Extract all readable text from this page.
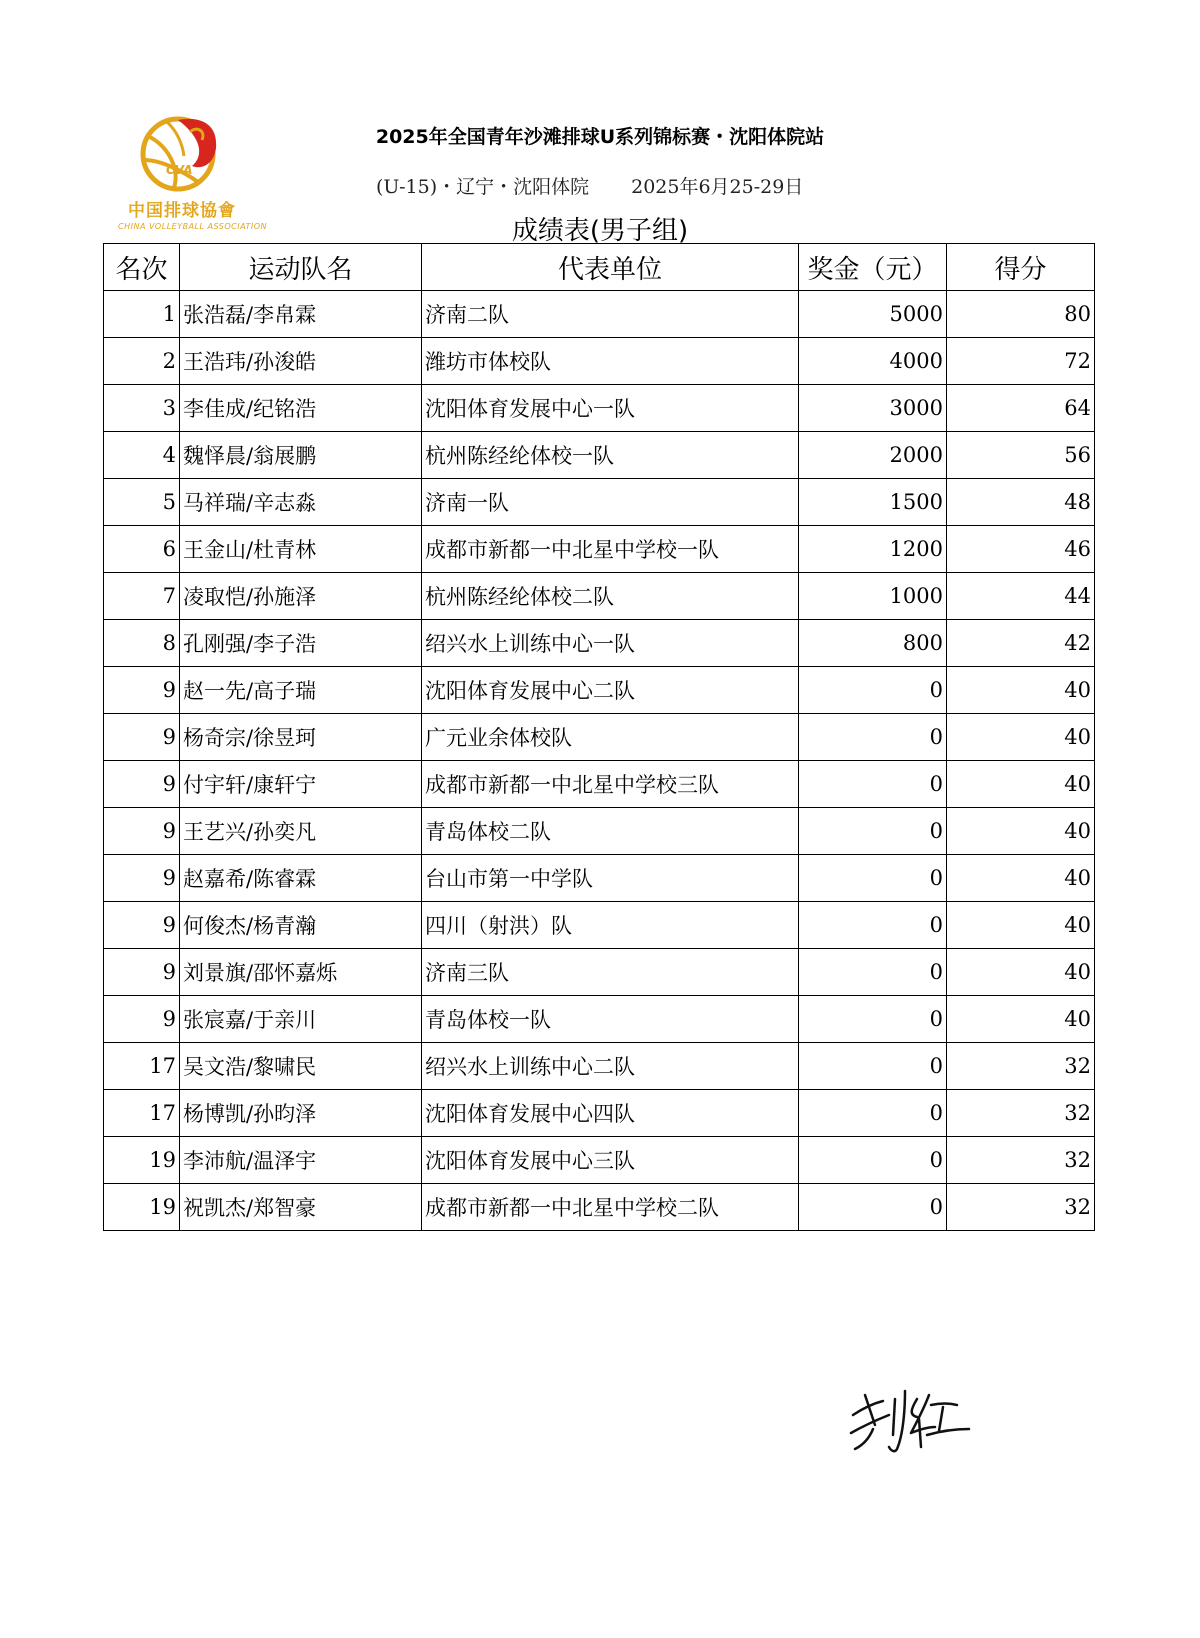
CVA
中国排球協會
CHINA VOLLEYBALL ASSOCIATION
2025年全国青年沙滩排球U系列锦标赛・沈阳体院站
(U-15)・辽宁・沈阳体院 2025年6月25-29日
成绩表(男子组)
名次	运动队名	代表单位	奖金（元）	得分
1	张浩磊/李帛霖	济南二队	5000	80
2	王浩玮/孙浚皓	潍坊市体校队	4000	72
3	李佳成/纪铭浩	沈阳体育发展中心一队	3000	64
4	魏怿晨/翁展鹏	杭州陈经纶体校一队	2000	56
5	马祥瑞/辛志淼	济南一队	1500	48
6	王金山/杜青林	成都市新都一中北星中学校一队	1200	46
7	凌取恺/孙施泽	杭州陈经纶体校二队	1000	44
8	孔刚强/李子浩	绍兴水上训练中心一队	800	42
9	赵一先/高子瑞	沈阳体育发展中心二队	0	40
9	杨奇宗/徐昱珂	广元业余体校队	0	40
9	付宇轩/康轩宁	成都市新都一中北星中学校三队	0	40
9	王艺兴/孙奕凡	青岛体校二队	0	40
9	赵嘉希/陈睿霖	台山市第一中学队	0	40
9	何俊杰/杨青瀚	四川（射洪）队	0	40
9	刘景旗/邵怀嘉烁	济南三队	0	40
9	张宸嘉/于亲川	青岛体校一队	0	40
17	吴文浩/黎啸民	绍兴水上训练中心二队	0	32
17	杨博凯/孙昀泽	沈阳体育发展中心四队	0	32
19	李沛航/温泽宇	沈阳体育发展中心三队	0	32
19	祝凯杰/郑智豪	成都市新都一中北星中学校二队	0	32
